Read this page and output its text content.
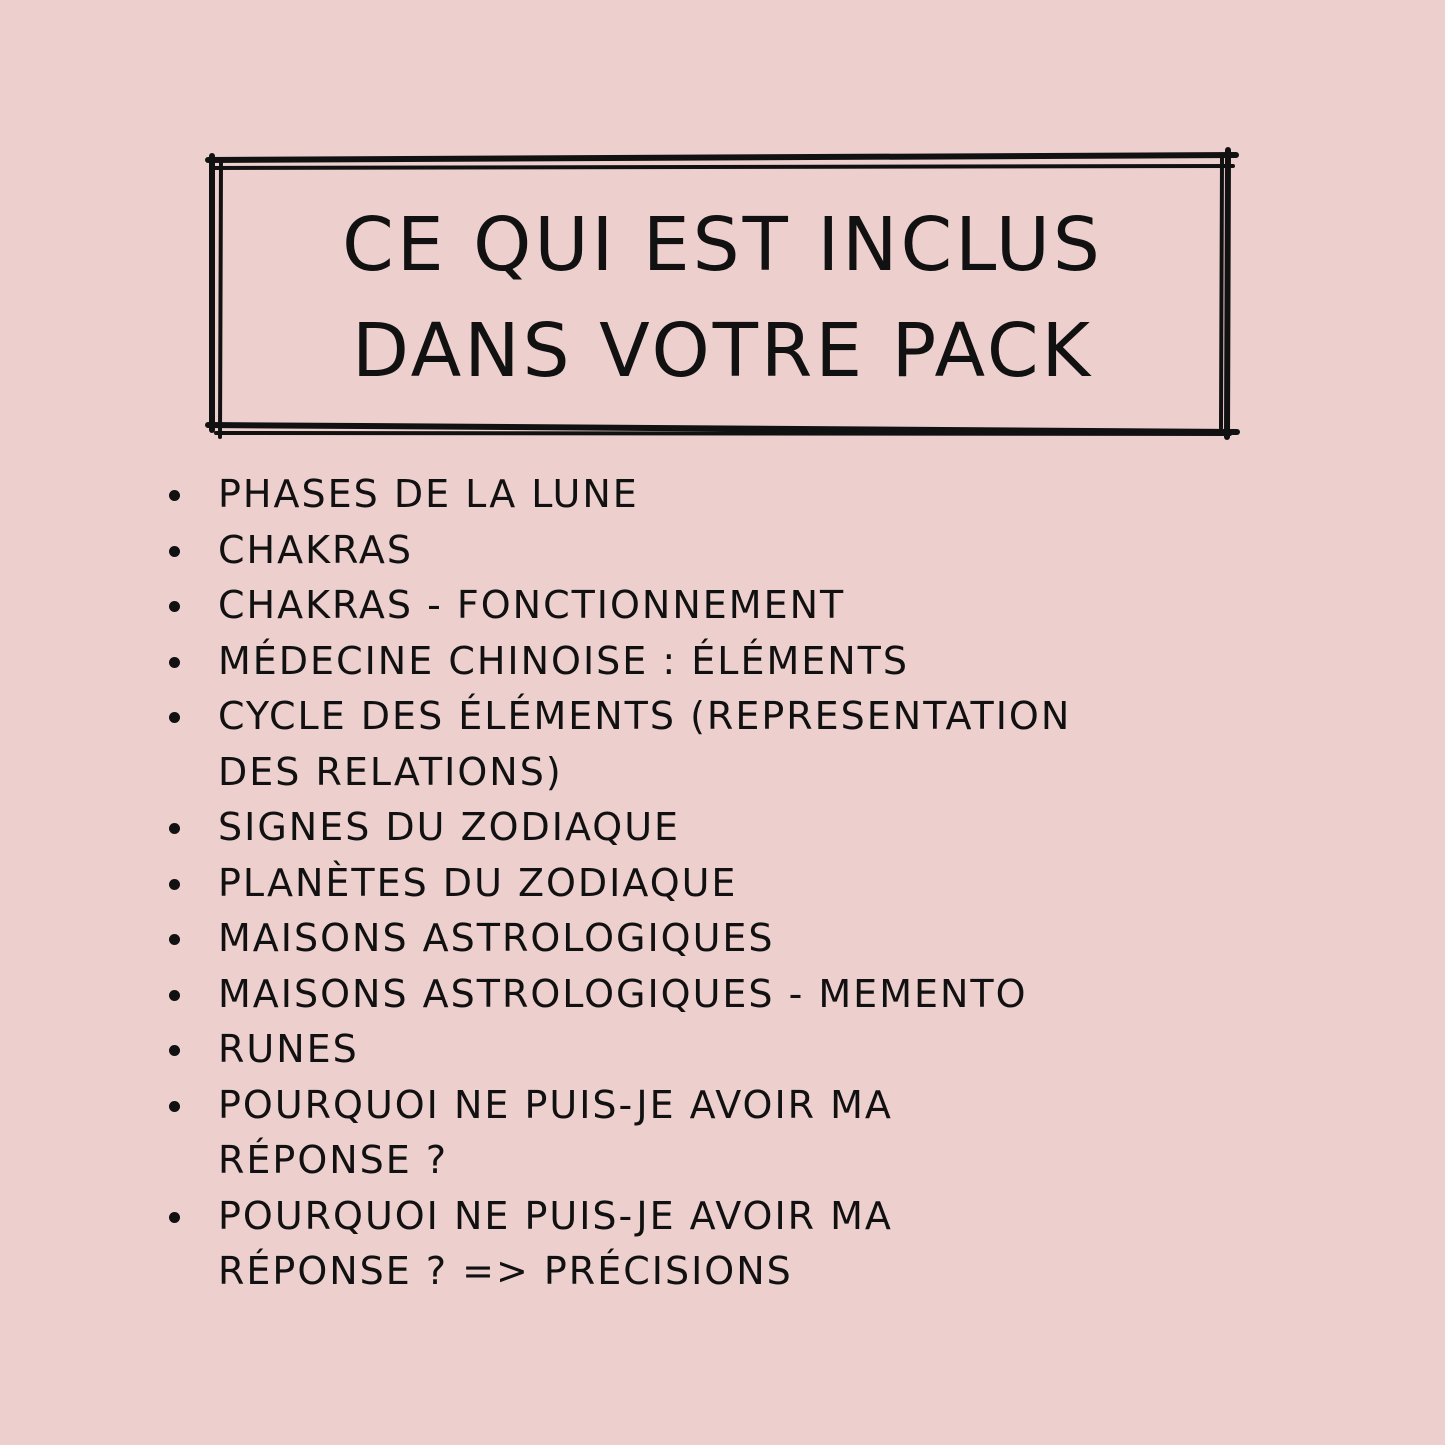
CE QUI EST INCLUS
DANS VOTRE PACK
PHASES DE LA LUNE
CHAKRAS
CHAKRAS - FONCTIONNEMENT
MÉDECINE CHINOISE : ÉLÉMENTS
CYCLE DES ÉLÉMENTS (REPRESENTATION
DES RELATIONS)
SIGNES DU ZODIAQUE
PLANÈTES DU ZODIAQUE
MAISONS ASTROLOGIQUES
MAISONS ASTROLOGIQUES - MEMENTO
RUNES
POURQUOI NE PUIS-JE AVOIR MA
RÉPONSE ?
POURQUOI NE PUIS-JE AVOIR MA
RÉPONSE ? => PRÉCISIONS
